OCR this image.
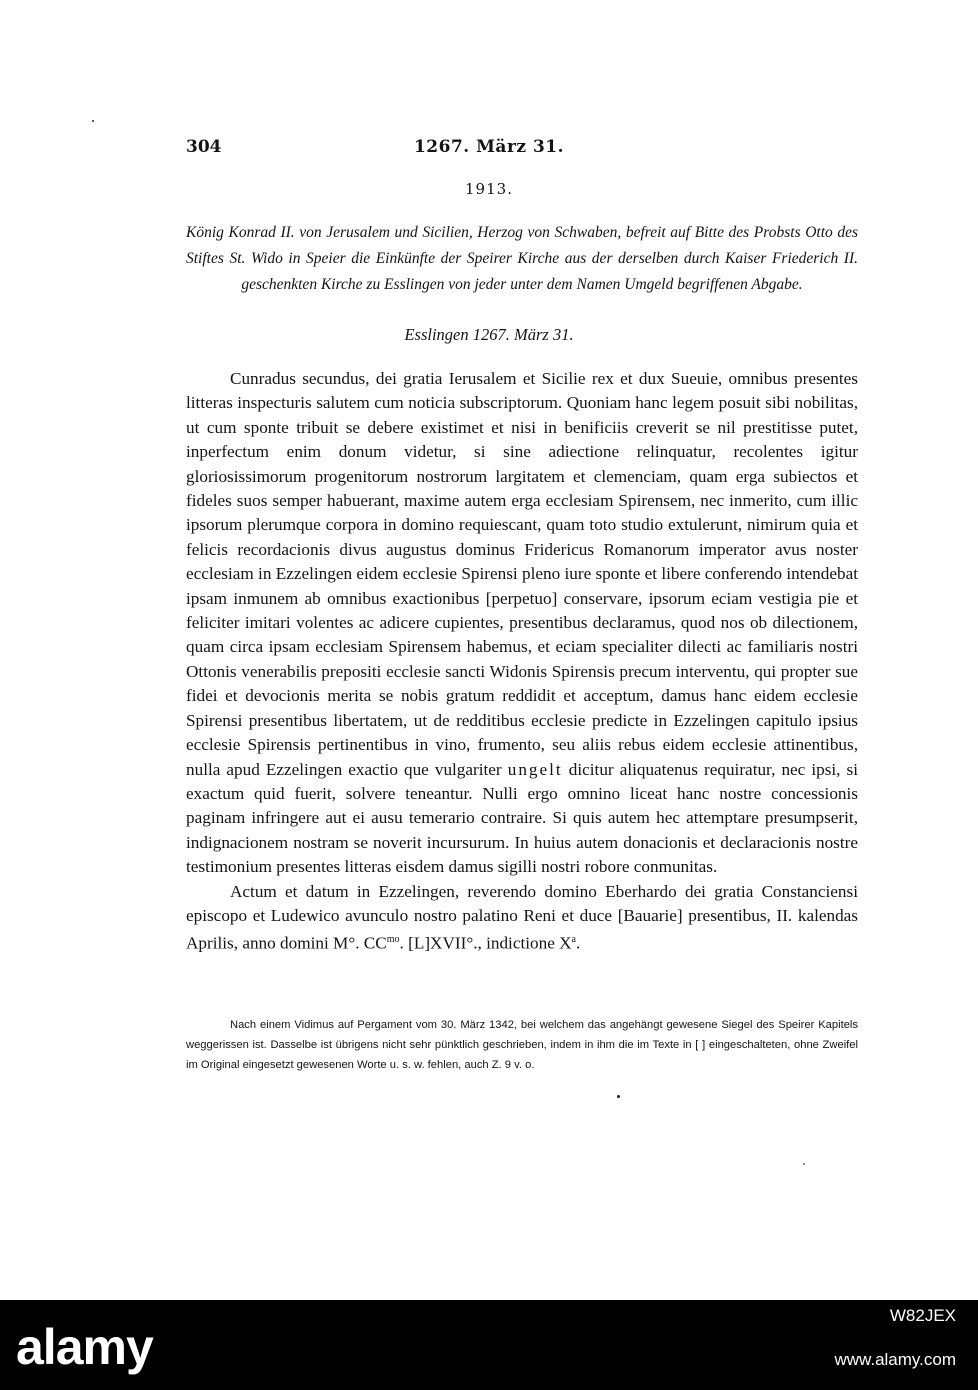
304	1267. März 31.
1913.
König Konrad II. von Jerusalem und Sicilien, Herzog von Schwaben, befreit auf Bitte des Probsts Otto des Stiftes St. Wido in Speier die Einkünfte der Speirer Kirche aus der derselben durch Kaiser Friederich II. geschenkten Kirche zu Esslingen von jeder unter dem Namen Umgeld begriffenen Abgabe.
Esslingen 1267. März 31.

Cunradus secundus, dei gratia Ierusalem et Sicilie rex et dux Sueuie, omnibus presentes litteras inspecturis salutem cum noticia subscriptorum. Quoniam hanc legem posuit sibi nobilitas, ut cum sponte tribuit se debere existimet et nisi in benificiis creverit se nil prestitisse putet, inperfectum enim donum videtur, si sine adiectione relinquatur, recolentes igitur gloriosissimorum progenitorum nostrorum largitatem et clemenciam, quam erga subiectos et fideles suos semper habuerant, maxime autem erga ecclesiam Spirensem, nec inmerito, cum illic ipsorum plerumque corpora in domino requiescant, quam toto studio extulerunt, nimirum quia et felicis recordacionis divus augustus dominus Fridericus Romanorum imperator avus noster ecclesiam in Ezzelingen eidem ecclesie Spirensi pleno iure sponte et libere conferendo intendebat ipsam inmunem ab omnibus exactionibus [perpetuo] conservare, ipsorum eciam vestigia pie et feliciter imitari volentes ac adicere cupientes, presentibus declaramus, quod nos ob dilectionem, quam circa ipsam ecclesiam Spirensem habemus, et eciam specialiter dilecti ac familiaris nostri Ottonis venerabilis prepositi ecclesie sancti Widonis Spirensis precum interventu, qui propter sue fidei et devocionis merita se nobis gratum reddidit et acceptum, damus hanc eidem ecclesie Spirensi presentibus libertatem, ut de redditibus ecclesie predicte in Ezzelingen capitulo ipsius ecclesie Spirensis pertinentibus in vino, frumento, seu aliis rebus eidem ecclesie attinentibus, nulla apud Ezzelingen exactio que vulgariter ungelt dicitur aliquatenus requiratur, nec ipsi, si exactum quid fuerit, solvere teneantur. Nulli ergo omnino liceat hanc nostre concessionis paginam infringere aut ei ausu temerario contraire. Si quis autem hec attemptare presumpserit, indignacionem nostram se noverit incursurum. In huius autem donacionis et declaracionis nostre testimonium presentes litteras eisdem damus sigilli nostri robore conmunitas.

Actum et datum in Ezzelingen, reverendo domino Eberhardo dei gratia Constanciensi episcopo et Ludewico avunculo nostro palatino Reni et duce [Bauarie] presentibus, II. kalendas Aprilis, anno domini M°. $CC^{mo}$. [L]XVII°., indictione $X^a$.

Nach einem Vidimus auf Pergament vom 30. März 1342, bei welchem das angehängt gewesene Siegel des Speirer Kapitels weggerissen ist. Dasselbe ist übrigens nicht sehr pünktlich geschrieben, indem in ihm die im Texte in [ ] eingeschalteten, ohne Zweifel im Original eingesetzt gewesenen Worte u. s. w. fehlen, auch Z. 9 v. o.
alamy
W82JEX
www.alamy.com
